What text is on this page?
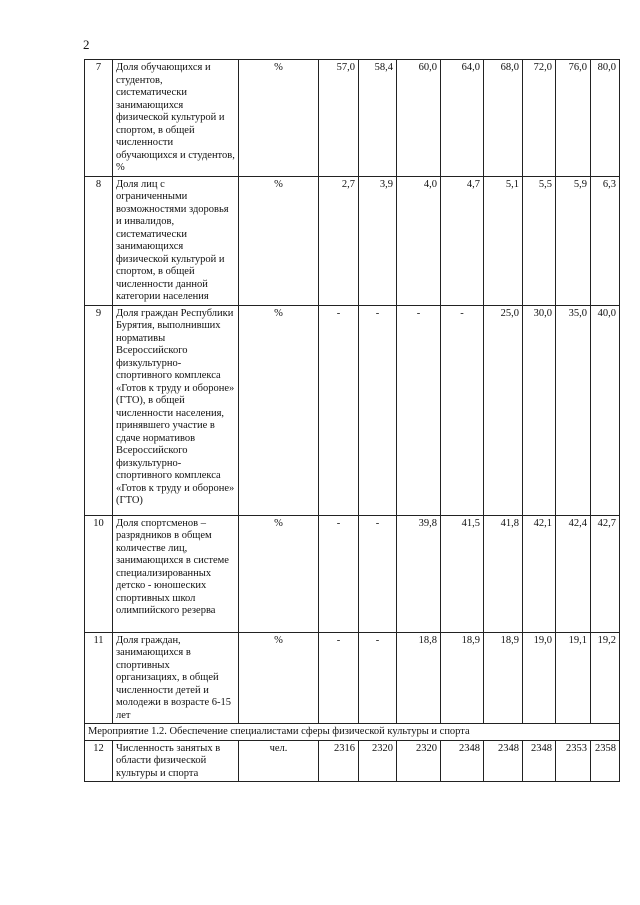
2
7	Доля обучающихся и студентов, систематически занимающихся физической культурой и спортом, в общей численности обучающихся и студентов, %	%	57,0	58,4	60,0	64,0	68,0	72,0	76,0	80,0
8	Доля лиц с ограниченными возможностями здоровья и инвалидов, систематически занимающихся физической культурой и спортом, в общей численности данной категории населения	%	2,7	3,9	4,0	4,7	5,1	5,5	5,9	6,3
9	Доля граждан Республики Бурятия, выполнивших нормативы Всероссийского физкультурно-спортивного комплекса «Готов к труду и обороне» (ГТО), в общей численности населения, принявшего участие в сдаче нормативов Всероссийского физкультурно-спортивного комплекса «Готов к труду и обороне» (ГТО)	%	-	-	-	-	25,0	30,0	35,0	40,0
10	Доля спортсменов – разрядников в общем количестве лиц, занимающихся в системе специализированных детско - юношеских спортивных школ олимпийского резерва	%	-	-	39,8	41,5	41,8	42,1	42,4	42,7
11	Доля граждан, занимающихся в спортивных организациях, в общей численности детей и молодежи в возрасте 6-15 лет	%	-	-	18,8	18,9	18,9	19,0	19,1	19,2
Мероприятие 1.2. Обеспечение специалистами сферы физической культуры и спорта										
12	Численность занятых в области физической культуры и спорта	чел.	2316	2320	2320	2348	2348	2348	2353	2358
